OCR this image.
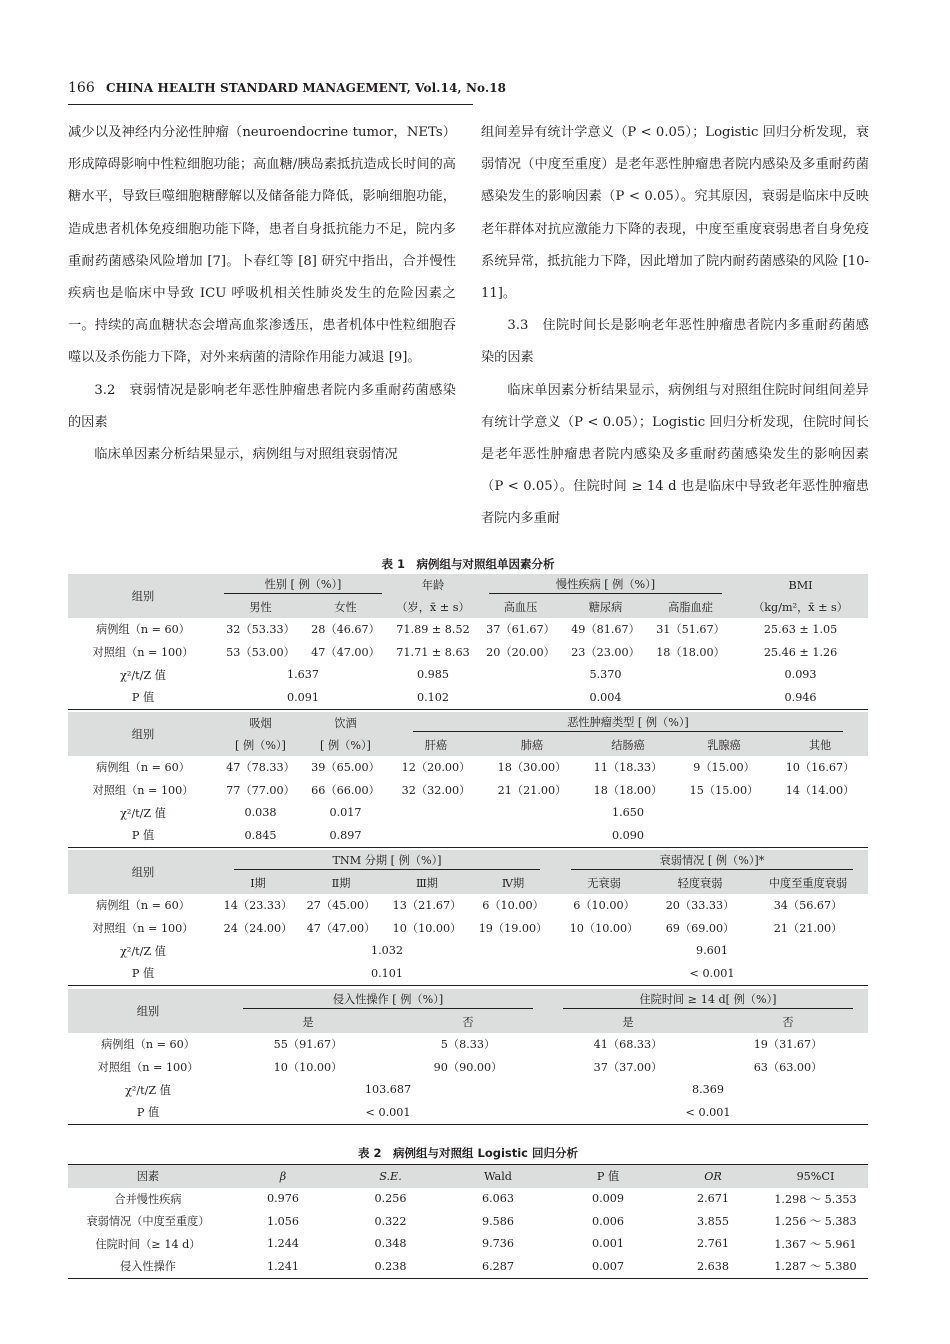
166 CHINA HEALTH STANDARD MANAGEMENT, Vol.14, No.18

减少以及神经内分泌性肿瘤（neuroendocrine tumor，NETs）形成障碍影响中性粒细胞功能；高血糖/胰岛素抵抗造成长时间的高糖水平，导致巨噬细胞糖酵解以及储备能力降低，影响细胞功能，造成患者机体免疫细胞功能下降，患者自身抵抗能力不足，院内多重耐药菌感染风险增加 [7]。卜春红等 [8] 研究中指出，合并慢性疾病也是临床中导致 ICU 呼吸机相关性肺炎发生的危险因素之一。持续的高血糖状态会增高血浆渗透压，患者机体中性粒细胞吞噬以及杀伤能力下降，对外来病菌的清除作用能力减退 [9]。

3.2　衰弱情况是影响老年恶性肿瘤患者院内多重耐药菌感染的因素

临床单因素分析结果显示，病例组与对照组衰弱情况

组间差异有统计学意义（P < 0.05）；Logistic 回归分析发现，衰弱情况（中度至重度）是老年恶性肿瘤患者院内感染及多重耐药菌感染发生的影响因素（P < 0.05）。究其原因，衰弱是临床中反映老年群体对抗应激能力下降的表现，中度至重度衰弱患者自身免疫系统异常，抵抗能力下降，因此增加了院内耐药菌感染的风险 [10-11]。

3.3　住院时间长是影响老年恶性肿瘤患者院内多重耐药菌感染的因素

临床单因素分析结果显示，病例组与对照组住院时间组间差异有统计学意义（P < 0.05）；Logistic 回归分析发现，住院时间长是老年恶性肿瘤患者院内感染及多重耐药菌感染发生的影响因素（P < 0.05）。住院时间 ≥ 14 d 也是临床中导致老年恶性肿瘤患者院内多重耐

表 1　病例组与对照组单因素分析
组别	性别 [ 例（%）]		年龄	慢性疾病 [ 例（%）]			BMI
	男性	女性	（岁，x̄ ± s）	高血压	糖尿病	高脂血症	（kg/m²，x̄ ± s）
病例组（n = 60）	32（53.33）	28（46.67）	71.89 ± 8.52	37（61.67）	49（81.67）	31（51.67）	25.63 ± 1.05
对照组（n = 100）	53（53.00）	47（47.00）	71.71 ± 8.63	20（20.00）	23（23.00）	18（18.00）	25.46 ± 1.26
χ²/t/Z 值	1.637		0.985	5.370			0.093
P 值	0.091		0.102	0.004			0.946
组别	吸烟	饮酒	恶性肿瘤类型 [ 例（%）]				
	[ 例（%）]	[ 例（%）]	肝癌	肺癌	结肠癌	乳腺癌	其他
病例组（n = 60）	47（78.33）	39（65.00）	12（20.00）	18（30.00）	11（18.33）	9（15.00）	10（16.67）
对照组（n = 100）	77（77.00）	66（66.00）	32（32.00）	21（21.00）	18（18.00）	15（15.00）	14（14.00）
χ²/t/Z 值	0.038	0.017	1.650				
P 值	0.845	0.897	0.090				
组别	TNM 分期 [ 例（%）]				衰弱情况 [ 例（%）]*		
	Ⅰ期	Ⅱ期	Ⅲ期	Ⅳ期	无衰弱	轻度衰弱	中度至重度衰弱
病例组（n = 60）	14（23.33）	27（45.00）	13（21.67）	6（10.00）	6（10.00）	20（33.33）	34（56.67）
对照组（n = 100）	24（24.00）	47（47.00）	10（10.00）	19（19.00）	10（10.00）	69（69.00）	21（21.00）
χ²/t/Z 值	1.032				9.601		
P 值	0.101				< 0.001		
组别	侵入性操作 [ 例（%）]		住院时间 ≥ 14 d[ 例（%）]	
	是	否	是	否
病例组（n = 60）	55（91.67）	5（8.33）	41（68.33）	19（31.67）
对照组（n = 100）	10（10.00）	90（90.00）	37（37.00）	63（63.00）
χ²/t/Z 值	103.687		8.369	
P 值	< 0.001		< 0.001	
表 2　病例组与对照组 Logistic 回归分析
因素	β	S.E.	Wald	P 值	OR	95%CI
合并慢性疾病	0.976	0.256	6.063	0.009	2.671	1.298 ～ 5.353
衰弱情况（中度至重度）	1.056	0.322	9.586	0.006	3.855	1.256 ～ 5.383
住院时间（≥ 14 d）	1.244	0.348	9.736	0.001	2.761	1.367 ～ 5.961
侵入性操作	1.241	0.238	6.287	0.007	2.638	1.287 ～ 5.380
